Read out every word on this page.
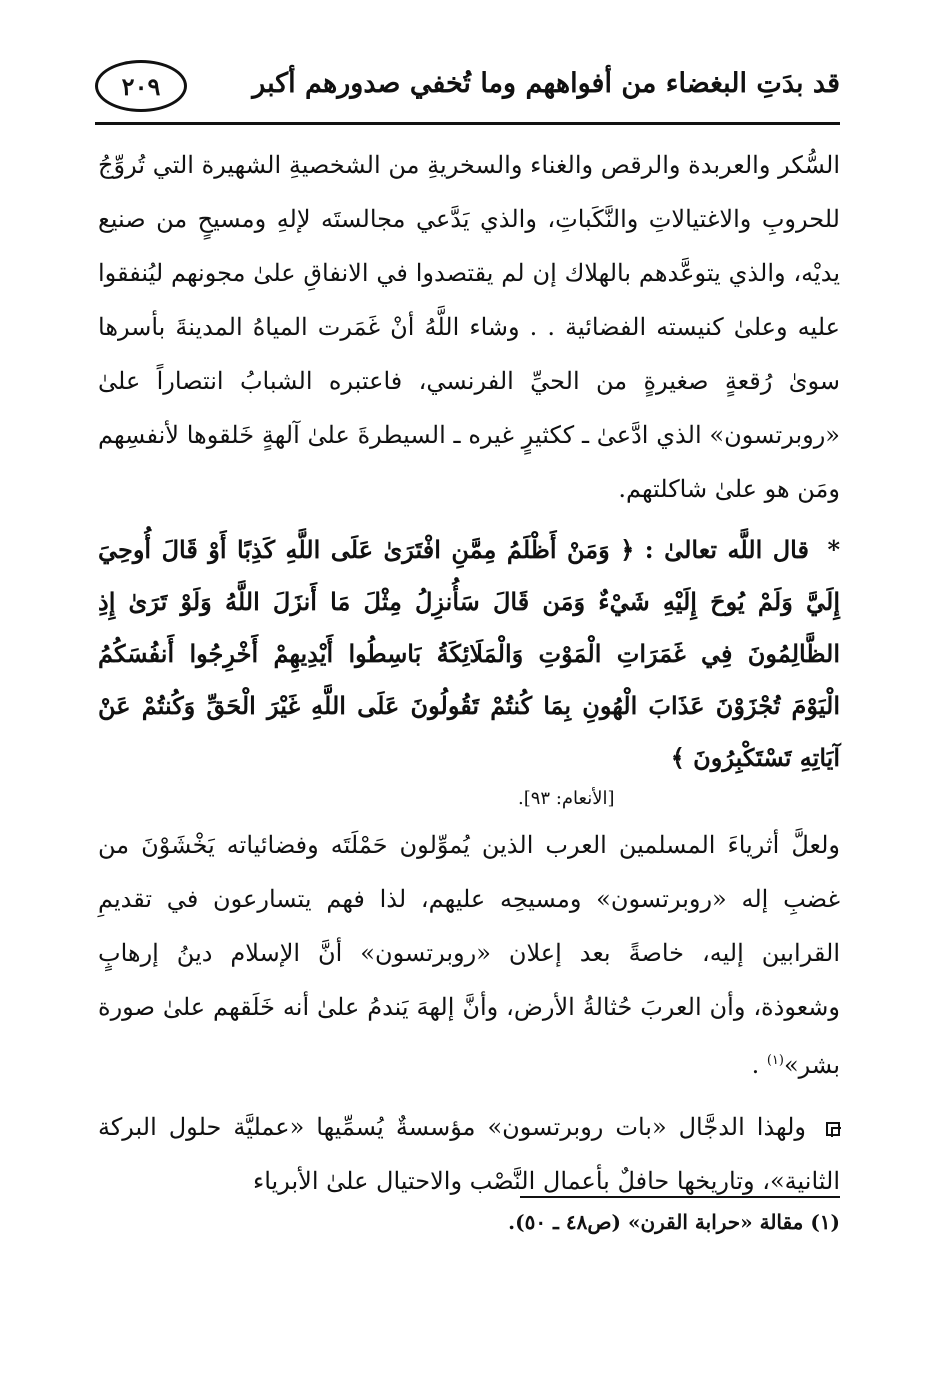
٢٠٩	قد بدَتِ البغضاء من أفواههم وما تُخفي صدورهم أكبر

السُّكر والعربدة والرقص والغناء والسخريةِ من الشخصيةِ الشهيرة التي تُروِّجُ للحروبِ والاغتيالاتِ والنَّكَباتِ، والذي يَدَّعي مجالستَه لإلهِ ومسيحٍ من صنيع يديْه، والذي يتوعَّدهم بالهلاك إن لم يقتصدوا في الانفاقِ علىٰ مجونهم ليُنفقوا عليه وعلىٰ كنيسته الفضائية . . وشاء اللَّهُ أنْ غَمَرت المياهُ المدينةَ بأسرها سوىٰ رُقعةٍ صغيرةٍ من الحيِّ الفرنسي، فاعتبره الشبابُ انتصاراً علىٰ «روبرتسون» الذي ادَّعىٰ ـ ككثيرٍ غيره ـ السيطرةَ علىٰ آلهةٍ خَلقوها لأنفسِهم ومَن هو علىٰ شاكلتهم.

* قال اللَّه تعالىٰ : ﴿ وَمَنْ أَظْلَمُ مِمَّنِ افْتَرَىٰ عَلَى اللَّهِ كَذِبًا أَوْ قَالَ أُوحِيَ إِلَيَّ وَلَمْ يُوحَ إِلَيْهِ شَيْءٌ وَمَن قَالَ سَأُنزِلُ مِثْلَ مَا أَنزَلَ اللَّهُ وَلَوْ تَرَىٰ إِذِ الظَّالِمُونَ فِي غَمَرَاتِ الْمَوْتِ وَالْمَلَائِكَةُ بَاسِطُوا أَيْدِيهِمْ أَخْرِجُوا أَنفُسَكُمُ الْيَوْمَ تُجْزَوْنَ عَذَابَ الْهُونِ بِمَا كُنتُمْ تَقُولُونَ عَلَى اللَّهِ غَيْرَ الْحَقِّ وَكُنتُمْ عَنْ آيَاتِهِ تَسْتَكْبِرُونَ ﴾

[الأنعام: ٩٣].

ولعلَّ أثرياءَ المسلمين العرب الذين يُموِّلون حَمْلَتَه وفضائياته يَخْشَوْنَ من غضبِ إله «روبرتسون» ومسيحِه عليهم، لذا فهم يتسارعون في تقديمِ القرابين إليه، خاصةً بعد إعلان «روبرتسون» أنَّ الإسلام دينُ إرهابٍ وشعوذة، وأن العربَ حُثالةُ الأرض، وأنَّ إلههَ يَندمُ علىٰ أنه خَلَقهم علىٰ صورة بشر»$^{(١)}$ .

ولهذا الدجَّال «بات روبرتسون» مؤسسةٌ يُسمِّيها «عمليَّة حلول البركة الثانية»، وتاريخها حافلٌ بأعمال النَّصْب والاحتيال علىٰ الأبرياء

(١) مقالة «حرابة القرن» (ص٤٨ ـ ٥٠).
